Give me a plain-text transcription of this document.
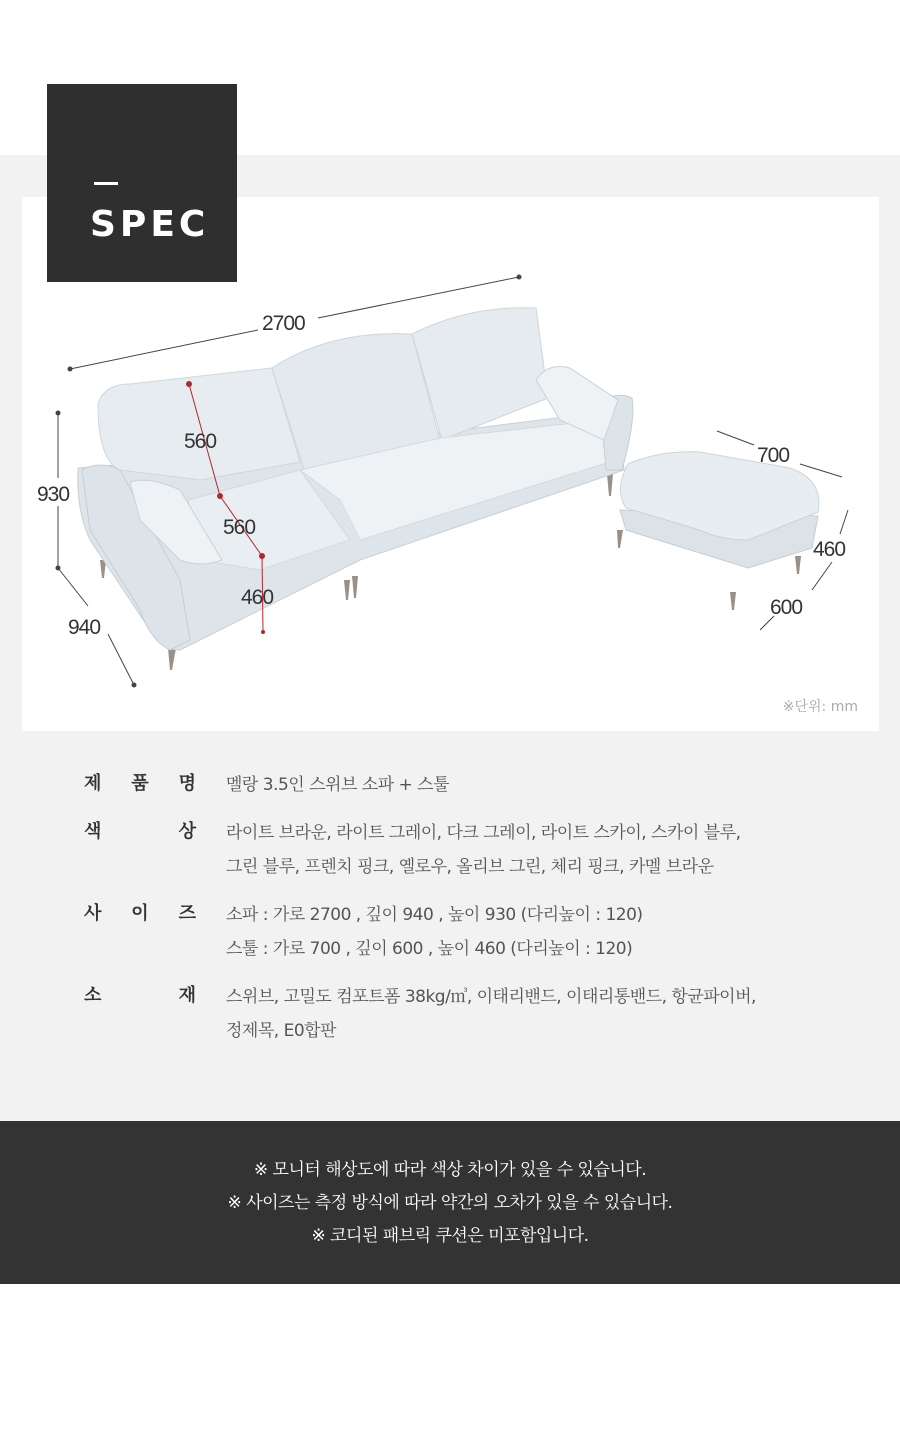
SPEC
2700
930
940
560
560
460
700
460
600
※단위: mm
제 품 명 멜랑 3.5인 스위브 소파 + 스툴
색	상 라이트 브라운, 라이트 그레이, 다크 그레이, 라이트 스카이, 스카이 블루,
그린 블루, 프렌치 핑크, 옐로우, 올리브 그린, 체리 핑크, 카멜 브라운
사 이 즈 소파 : 가로 2700 , 깊이 940 , 높이 930 (다리높이 : 120)
스툴 : 가로 700 , 깊이 600 , 높이 460 (다리높이 : 120)
소	재 스위브, 고밀도 컴포트폼 38kg/㎥, 이태리밴드, 이태리통밴드, 항균파이버,
정제목, E0합판
※ 모니터 해상도에 따라 색상 차이가 있을 수 있습니다.
※ 사이즈는 측정 방식에 따라 약간의 오차가 있을 수 있습니다.
※ 코디된 패브릭 쿠션은 미포함입니다.
